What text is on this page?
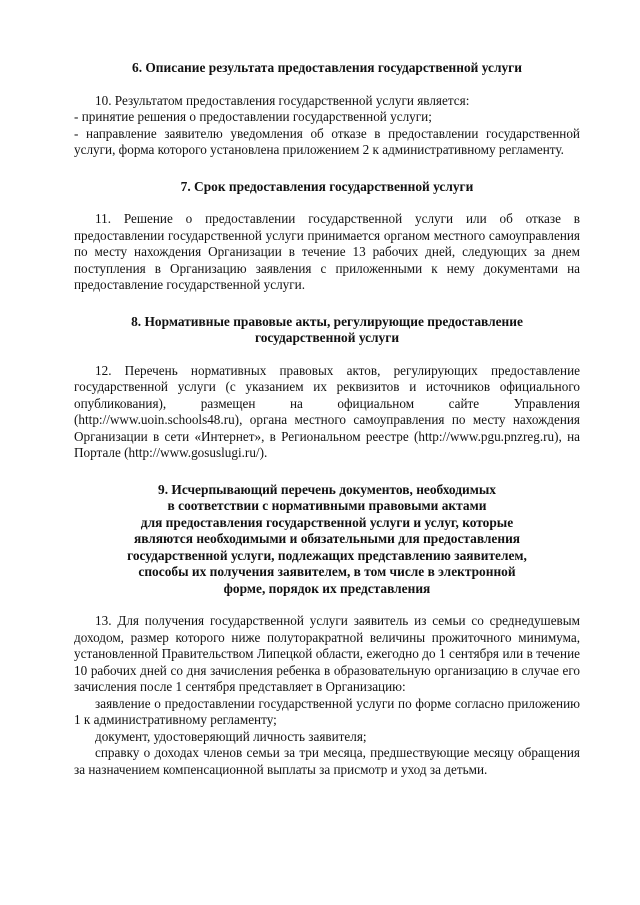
6. Описание результата предоставления государственной услуги

10. Результатом предоставления государственной услуги является:

- принятие решения о предоставлении государственной услуги;

- направление заявителю уведомления об отказе в предоставлении государственной услуги, форма которого установлена приложением 2 к административному регламенту.

7. Срок предоставления государственной услуги

11. Решение о предоставлении государственной услуги или об отказе в предоставлении государственной услуги принимается органом местного самоуправления по месту нахождения Организации в течение 13 рабочих дней, следующих за днем поступления в Организацию заявления с приложенными к нему документами на предоставление государственной услуги.

8. Нормативные правовые акты, регулирующие предоставление
государственной услуги

12. Перечень нормативных правовых актов, регулирующих предоставление государственной услуги (с указанием их реквизитов и источников официального опубликования), размещен на официальном сайте Управления (http://www.uoin.schools48.ru), органа местного самоуправления по месту нахождения Организации в сети «Интернет», в Региональном реестре (http://www.pgu.pnzreg.ru), на Портале (http://www.gosuslugi.ru/).

9. Исчерпывающий перечень документов, необходимых
в соответствии с нормативными правовыми актами
для предоставления государственной услуги и услуг, которые
являются необходимыми и обязательными для предоставления
государственной услуги, подлежащих представлению заявителем,
способы их получения заявителем, в том числе в электронной
форме, порядок их представления

13. Для получения государственной услуги заявитель из семьи со среднедушевым доходом, размер которого ниже полуторакратной величины прожиточного минимума, установленной Правительством Липецкой области, ежегодно до 1 сентября или в течение 10 рабочих дней со дня зачисления ребенка в образовательную организацию в случае его зачисления после 1 сентября представляет в Организацию:

заявление о предоставлении государственной услуги по форме согласно приложению 1 к административному регламенту;

документ, удостоверяющий личность заявителя;

справку о доходах членов семьи за три месяца, предшествующие месяцу обращения за назначением компенсационной выплаты за присмотр и уход за детьми.
